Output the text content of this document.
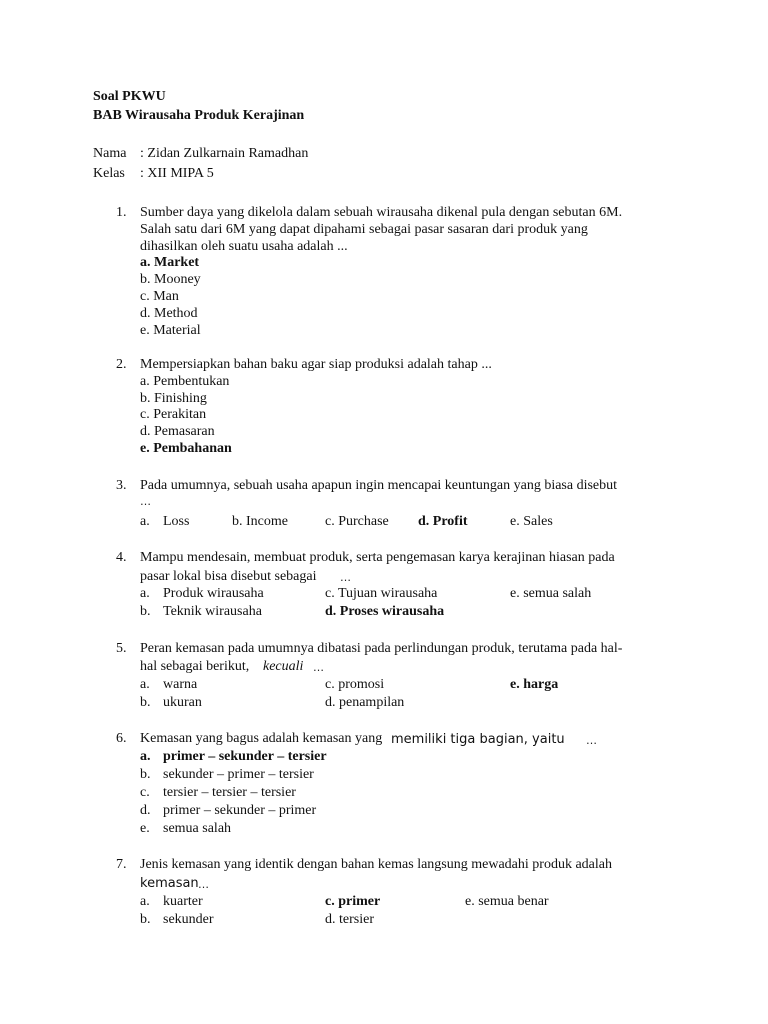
Soal PKWU
BAB Wirausaha Produk Kerajinan
Nama : Zidan Zulkarnain Ramadhan
Kelas : XII MIPA 5
1. Sumber daya yang dikelola dalam sebuah wirausaha dikenal pula dengan sebutan 6M.
Salah satu dari 6M yang dapat dipahami sebagai pasar sasaran dari produk yang
dihasilkan oleh suatu usaha adalah ...
a. Market
b. Mooney
c. Man
d. Method
e. Material
2. Mempersiapkan bahan baku agar siap produksi adalah tahap ...
a. Pembentukan
b. Finishing
c. Perakitan
d. Pemasaran
e. Pembahanan
3. Pada umumnya, sebuah usaha apapun ingin mencapai keuntungan yang biasa disebut
…
a. Loss	b. Income	c. Purchase d. Profit	e. Sales
4. Mampu mendesain, membuat produk, serta pengemasan karya kerajinan hiasan pada
pasar lokal bisa disebut sebagai …
a. Produk wirausaha	c. Tujuan wirausaha	e. semua salah
b. Teknik wirausaha	d. Proses wirausaha
5. Peran kemasan pada umumnya dibatasi pada perlindungan produk, terutama pada hal-
hal sebagai berikut, kecuali …
a. warna	c. promosi	e. harga
b. ukuran	d. penampilan
6. Kemasan yang bagus adalah kemasan yang memiliki tiga bagian, yaitu …
a. primer – sekunder – tersier
b. sekunder – primer – tersier
c. tersier – tersier – tersier
d. primer – sekunder – primer
e. semua salah
7. Jenis kemasan yang identik dengan bahan kemas langsung mewadahi produk adalah
kemasan …
a. kuarter	c. primer	e. semua benar
b. sekunder	d. tersier
